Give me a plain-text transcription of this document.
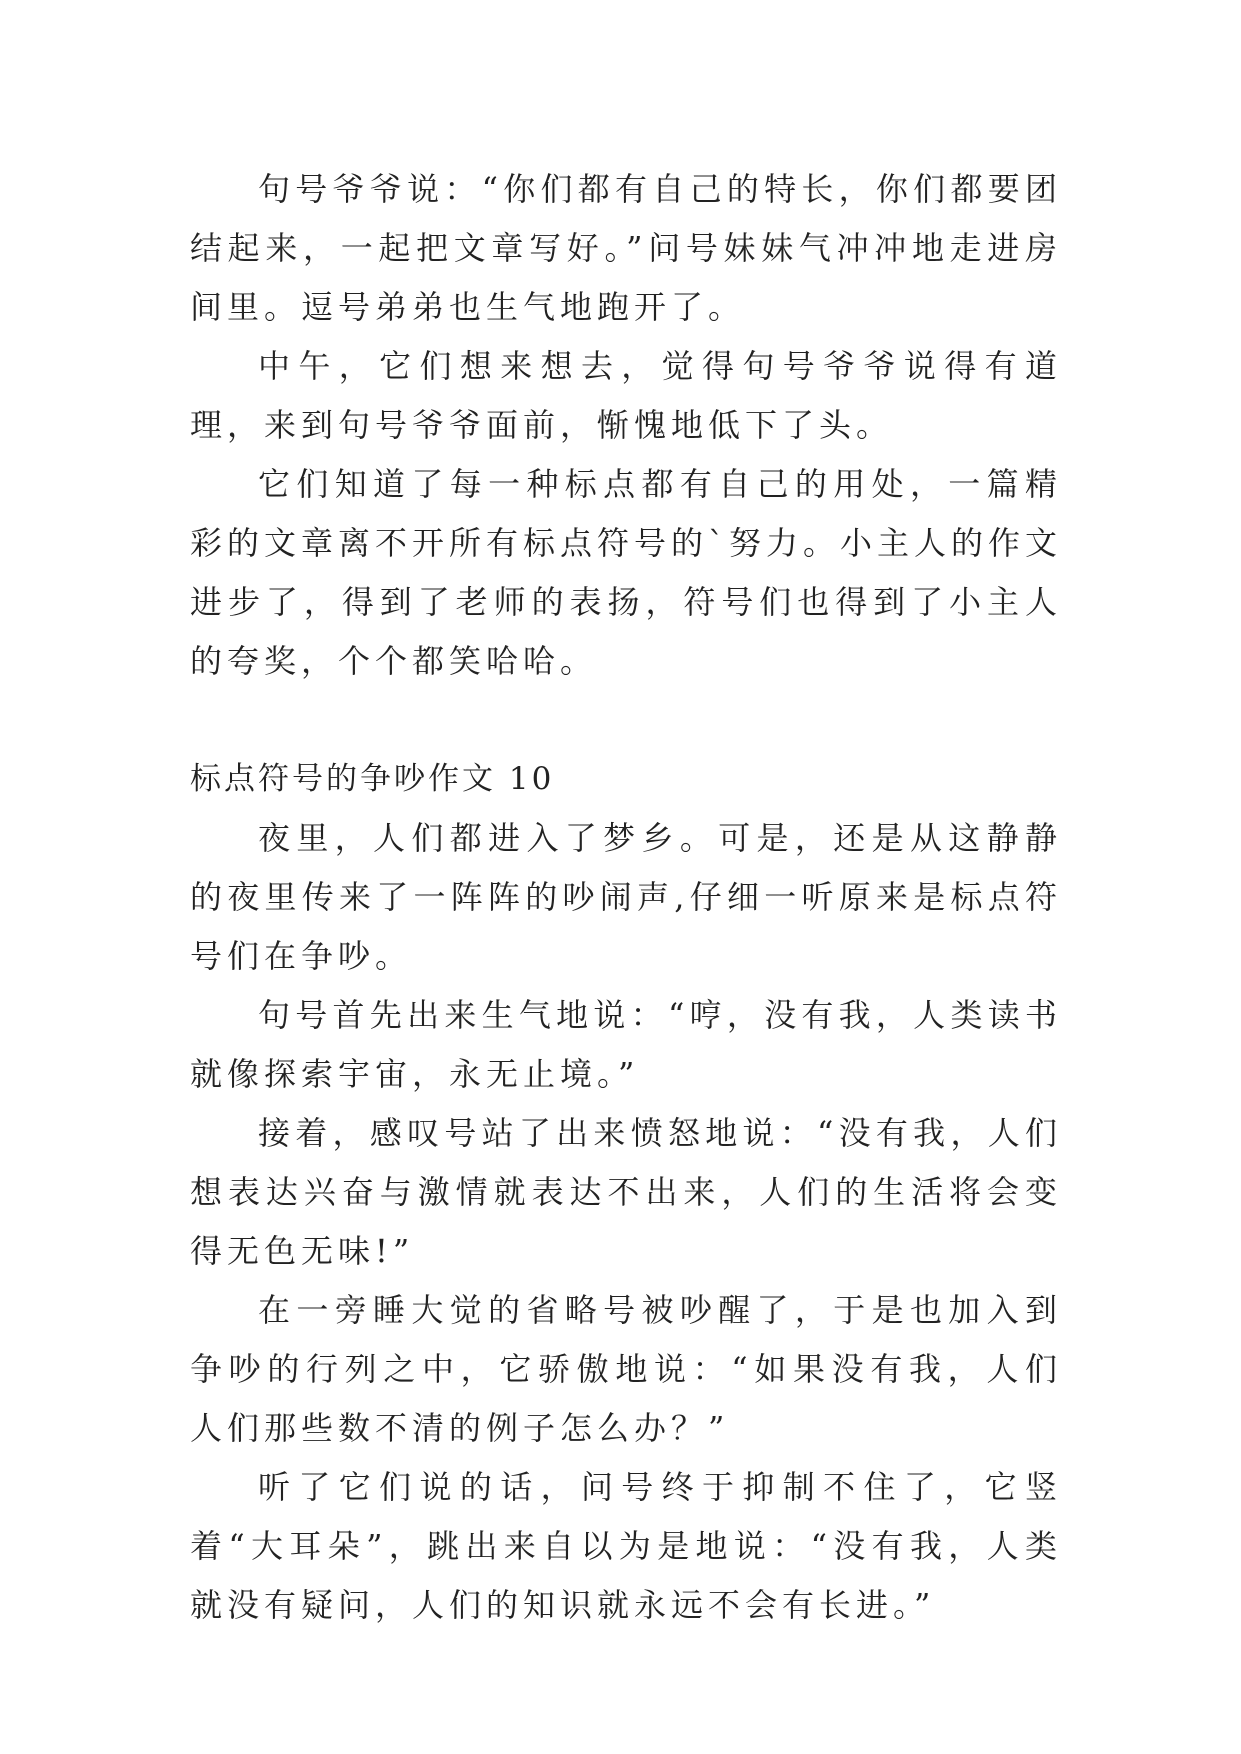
句号爷爷说：“你们都有自己的特长，你们都要团结起来，一起把文章写好。”问号妹妹气冲冲地走进房间里。逗号弟弟也生气地跑开了。

中午，它们想来想去，觉得句号爷爷说得有道理，来到句号爷爷面前，惭愧地低下了头。

它们知道了每一种标点都有自己的用处，一篇精彩的文章离不开所有标点符号的`努力。小主人的作文进步了，得到了老师的表扬，符号们也得到了小主人的夸奖，个个都笑哈哈。

标点符号的争吵作文 10

夜里，人们都进入了梦乡。可是，还是从这静静的夜里传来了一阵阵的吵闹声,仔细一听原来是标点符号们在争吵。

句号首先出来生气地说：“哼，没有我，人类读书就像探索宇宙，永无止境。”

接着，感叹号站了出来愤怒地说：“没有我，人们想表达兴奋与激情就表达不出来，人们的生活将会变得无色无味!”

在一旁睡大觉的省略号被吵醒了，于是也加入到争吵的行列之中，它骄傲地说：“如果没有我，人们人们那些数不清的例子怎么办？”

听了它们说的话，问号终于抑制不住了，它竖着“大耳朵”，跳出来自以为是地说：“没有我，人类就没有疑问，人们的知识就永远不会有长进。”
